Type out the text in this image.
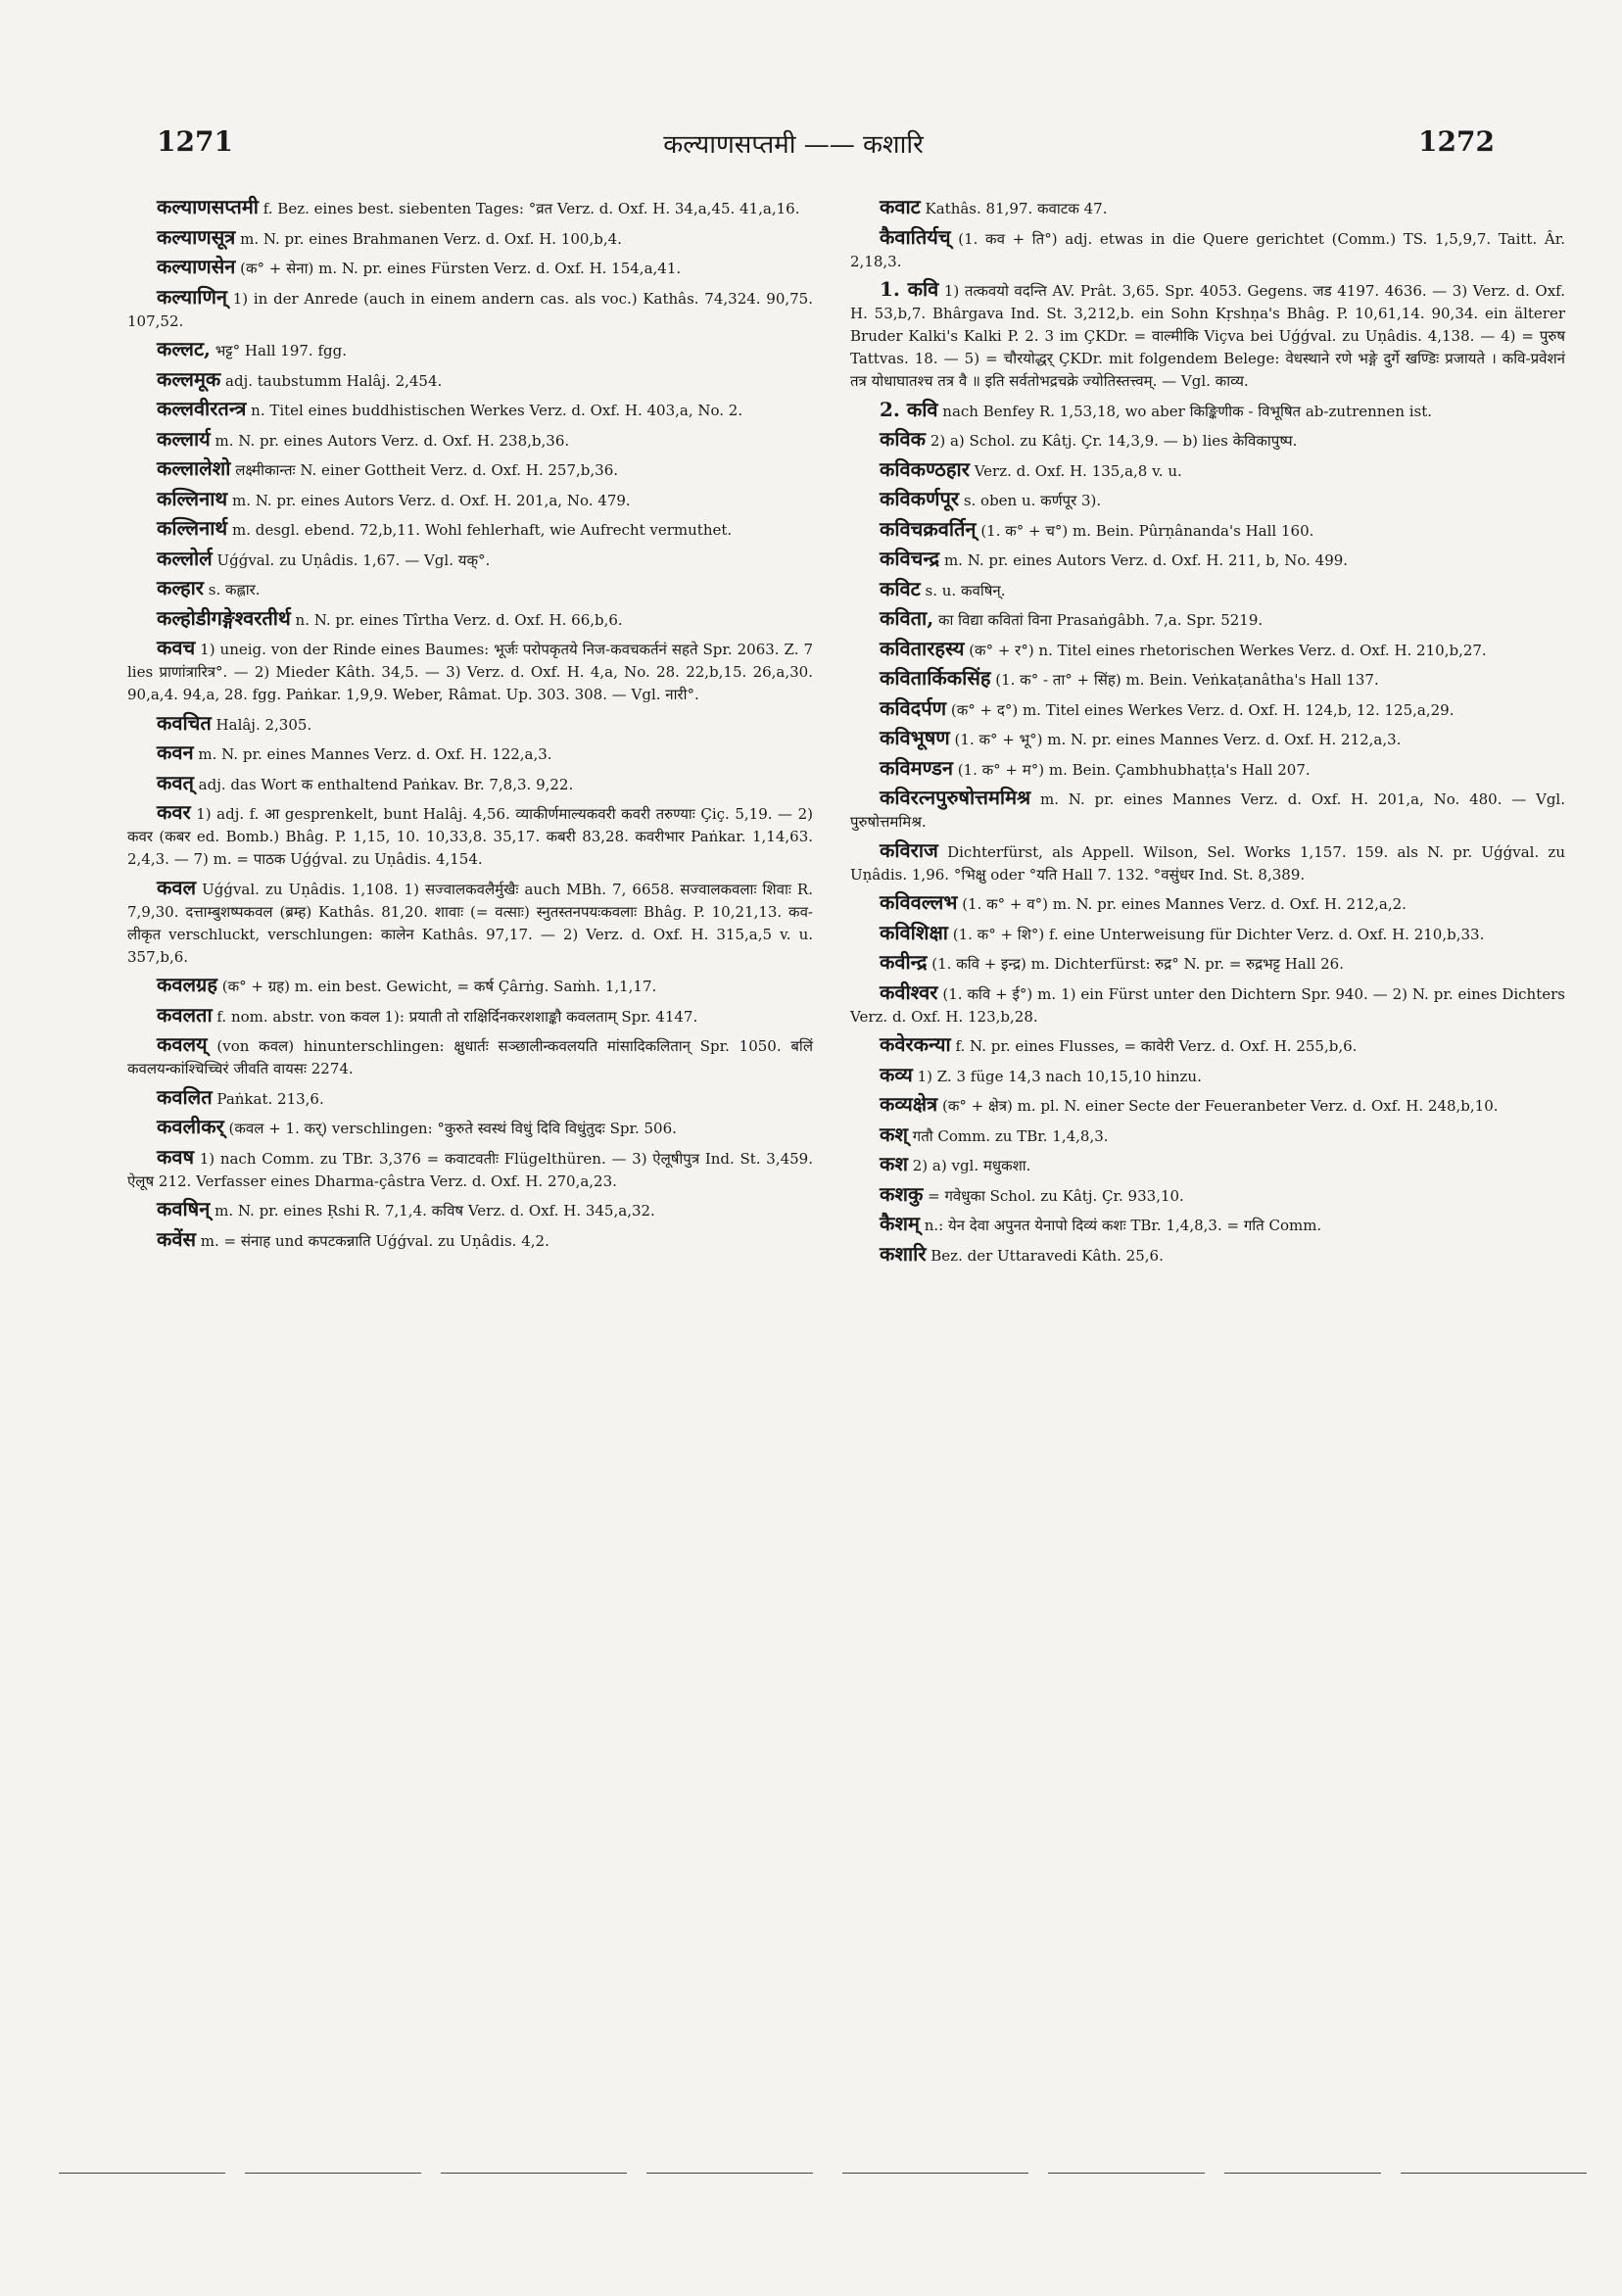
1271	कल्याणसप्तमी —— कशारि	1272

कल्याणसप्तमी f. Bez. eines best. siebenten Tages: °व्रत Verz. d. Oxf. H. 34,a,45. 41,a,16.

कल्याणसूत्र m. N. pr. eines Brahmanen Verz. d. Oxf. H. 100,b,4.

कल्याणसेन (क° + सेना) m. N. pr. eines Fürsten Verz. d. Oxf. H. 154,a,41.

कल्याणिन् 1) in der Anrede (auch in einem andern cas. als voc.) Kathâs. 74,324. 90,75. 107,52.

कल्लट, भट्ट° Hall 197. fgg.

कल्लमूक adj. taubstumm Halâj. 2,454.

कल्लवीरतन्त्र n. Titel eines buddhistischen Werkes Verz. d. Oxf. H. 403,a, No. 2.

कल्लार्य m. N. pr. eines Autors Verz. d. Oxf. H. 238,b,36.

कल्लालेशो लक्ष्मीकान्तः N. einer Gottheit Verz. d. Oxf. H. 257,b,36.

कल्लिनाथ m. N. pr. eines Autors Verz. d. Oxf. H. 201,a, No. 479.

कल्लिनार्थ m. desgl. ebend. 72,b,11. Wohl fehlerhaft, wie Aufrecht vermuthet.

कल्लोर्ल Uǵǵval. zu Uṇâdis. 1,67. — Vgl. यक्°.

कल्हार s. कह्लार.

कल्होडीगङ्गेश्वरतीर्थ n. N. pr. eines Tîrtha Verz. d. Oxf. H. 66,b,6.

कवच 1) uneig. von der Rinde eines Baumes: भूर्जः परोपकृतये निज-कवचकर्तनं सहते Spr. 2063. Z. 7 lies प्राणांत्रारित्र°. — 2) Mieder Kâth. 34,5. — 3) Verz. d. Oxf. H. 4,a, No. 28. 22,b,15. 26,a,30. 90,a,4. 94,a, 28. fgg. Paṅkar. 1,9,9. Weber, Râmat. Up. 303. 308. — Vgl. नारी°.

कवचित Halâj. 2,305.

कवन m. N. pr. eines Mannes Verz. d. Oxf. H. 122,a,3.

कवत् adj. das Wort क enthaltend Paṅkav. Br. 7,8,3. 9,22.

कवर 1) adj. f. आ gesprenkelt, bunt Halâj. 4,56. व्याकीर्णमाल्यकवरी कवरी तरुण्याः Çiç. 5,19. — 2) कवर (कबर ed. Bomb.) Bhâg. P. 1,15, 10. 10,33,8. 35,17. कबरी 83,28. कवरीभार Paṅkar. 1,14,63. 2,4,3. — 7) m. = पाठक Uǵǵval. zu Uṇâdis. 4,154.

कवल Uǵǵval. zu Uṇâdis. 1,108. 1) सज्वालकवलैर्मुखैः auch MBh. 7, 6658. सज्वालकवलाः शिवाः R. 7,9,30. दत्ताम्बुशष्पकवल (ब्रम्ह) Kathâs. 81,20. शावाः (= वत्साः) स्नुतस्तनपयःकवलाः Bhâg. P. 10,21,13. कव-लीकृत verschluckt, verschlungen: कालेन Kathâs. 97,17. — 2) Verz. d. Oxf. H. 315,a,5 v. u. 357,b,6.

कवलग्रह (क° + ग्रह) m. ein best. Gewicht, = कर्ष Çârṅg. Saṁh. 1,1,17.

कवलता f. nom. abstr. von कवल 1): प्रयाती तो राक्षिर्दिनकरशशाङ्कौ कवलताम् Spr. 4147.

कवलय् (von कवल) hinunterschlingen: क्षुधार्तः सञ्छालीन्कवलयति मांसादिकलितान् Spr. 1050. बलिं कवलयन्कांश्चिच्चिरं जीवति वायसः 2274.

कवलित Paṅkat. 213,6.

कवलीकर् (कवल + 1. कर्) verschlingen: °कुरुते स्वस्थं विधुं दिवि विधुंतुदः Spr. 506.

कवष 1) nach Comm. zu TBr. 3,376 = कवाटवतीः Flügelthüren. — 3) ऐलूषीपुत्र Ind. St. 3,459. ऐलूष 212. Verfasser eines Dharma-çâstra Verz. d. Oxf. H. 270,a,23.

कवषिन् m. N. pr. eines Ṛshi R. 7,1,4. कविष Verz. d. Oxf. H. 345,a,32.

कवेंस m. = संनाह und कपटकन्नाति Uǵǵval. zu Uṇâdis. 4,2.

कवाट Kathâs. 81,97. कवाटक 47.

कैवातिर्यच् (1. कव + ति°) adj. etwas in die Quere gerichtet (Comm.) TS. 1,5,9,7. Taitt. Âr. 2,18,3.

1. कवि 1) तत्कवयो वदन्ति AV. Prât. 3,65. Spr. 4053. Gegens. जड 4197. 4636. — 3) Verz. d. Oxf. H. 53,b,7. Bhârgava Ind. St. 3,212,b. ein Sohn Kṛshṇa's Bhâg. P. 10,61,14. 90,34. ein älterer Bruder Kalki's Kalki P. 2. 3 im ÇKDr. = वाल्मीकि Viçva bei Uǵǵval. zu Uṇâdis. 4,138. — 4) = पुरुष Tattvas. 18. — 5) = चौरयोद्धर् ÇKDr. mit folgendem Belege: वेधस्थाने रणे भङ्गे दुर्गे खण्डिः प्रजायते । कवि-प्रवेशनं तत्र योधाघातश्च तत्र वै ॥ इति सर्वतोभद्रचक्रे ज्योतिस्तत्त्वम्. — Vgl. काव्य.

2. कवि nach Benfey R. 1,53,18, wo aber किङ्किणीक - विभूषित ab-zutrennen ist.

कविक 2) a) Schol. zu Kâtj. Çr. 14,3,9. — b) lies केविकापुष्प.

कविकण्ठहार Verz. d. Oxf. H. 135,a,8 v. u.

कविकर्णपूर s. oben u. कर्णपूर 3).

कविचक्रवर्तिन् (1. क° + च°) m. Bein. Pûrṇânanda's Hall 160.

कविचन्द्र m. N. pr. eines Autors Verz. d. Oxf. H. 211, b, No. 499.

कविट s. u. कवषिन्.

कविता, का विद्या कवितां विना Prasaṅgâbh. 7,a. Spr. 5219.

कवितारहस्य (क° + र°) n. Titel eines rhetorischen Werkes Verz. d. Oxf. H. 210,b,27.

कवितार्किकसिंह (1. क° - ता° + सिंह) m. Bein. Veṅkaṭanâtha's Hall 137.

कविदर्पण (क° + द°) m. Titel eines Werkes Verz. d. Oxf. H. 124,b, 12. 125,a,29.

कविभूषण (1. क° + भू°) m. N. pr. eines Mannes Verz. d. Oxf. H. 212,a,3.

कविमण्डन (1. क° + म°) m. Bein. Çambhubhaṭṭa's Hall 207.

कविरत्नपुरुषोत्तममिश्र m. N. pr. eines Mannes Verz. d. Oxf. H. 201,a, No. 480. — Vgl. पुरुषोत्तममिश्र.

कविराज Dichterfürst, als Appell. Wilson, Sel. Works 1,157. 159. als N. pr. Uǵǵval. zu Uṇâdis. 1,96. °भिक्षु oder °यति Hall 7. 132. °वसुंधर Ind. St. 8,389.

कविवल्लभ (1. क° + व°) m. N. pr. eines Mannes Verz. d. Oxf. H. 212,a,2.

कविशिक्षा (1. क° + शि°) f. eine Unterweisung für Dichter Verz. d. Oxf. H. 210,b,33.

कवीन्द्र (1. कवि + इन्द्र) m. Dichterfürst: रुद्र° N. pr. = रुद्रभट्ट Hall 26.

कवीश्वर (1. कवि + ई°) m. 1) ein Fürst unter den Dichtern Spr. 940. — 2) N. pr. eines Dichters Verz. d. Oxf. H. 123,b,28.

कवेरकन्या f. N. pr. eines Flusses, = कावेरी Verz. d. Oxf. H. 255,b,6.

कव्य 1) Z. 3 füge 14,3 nach 10,15,10 hinzu.

कव्यक्षेत्र (क° + क्षेत्र) m. pl. N. einer Secte der Feueranbeter Verz. d. Oxf. H. 248,b,10.

कश् गतौ Comm. zu TBr. 1,4,8,3.

कश 2) a) vgl. मधुकशा.

कशकु = गवेधुका Schol. zu Kâtj. Çr. 933,10.

कैशम् n.: येन देवा अपुनत येनापो दिव्यं कशः TBr. 1,4,8,3. = गति Comm.

कशारि Bez. der Uttaravedi Kâth. 25,6.
